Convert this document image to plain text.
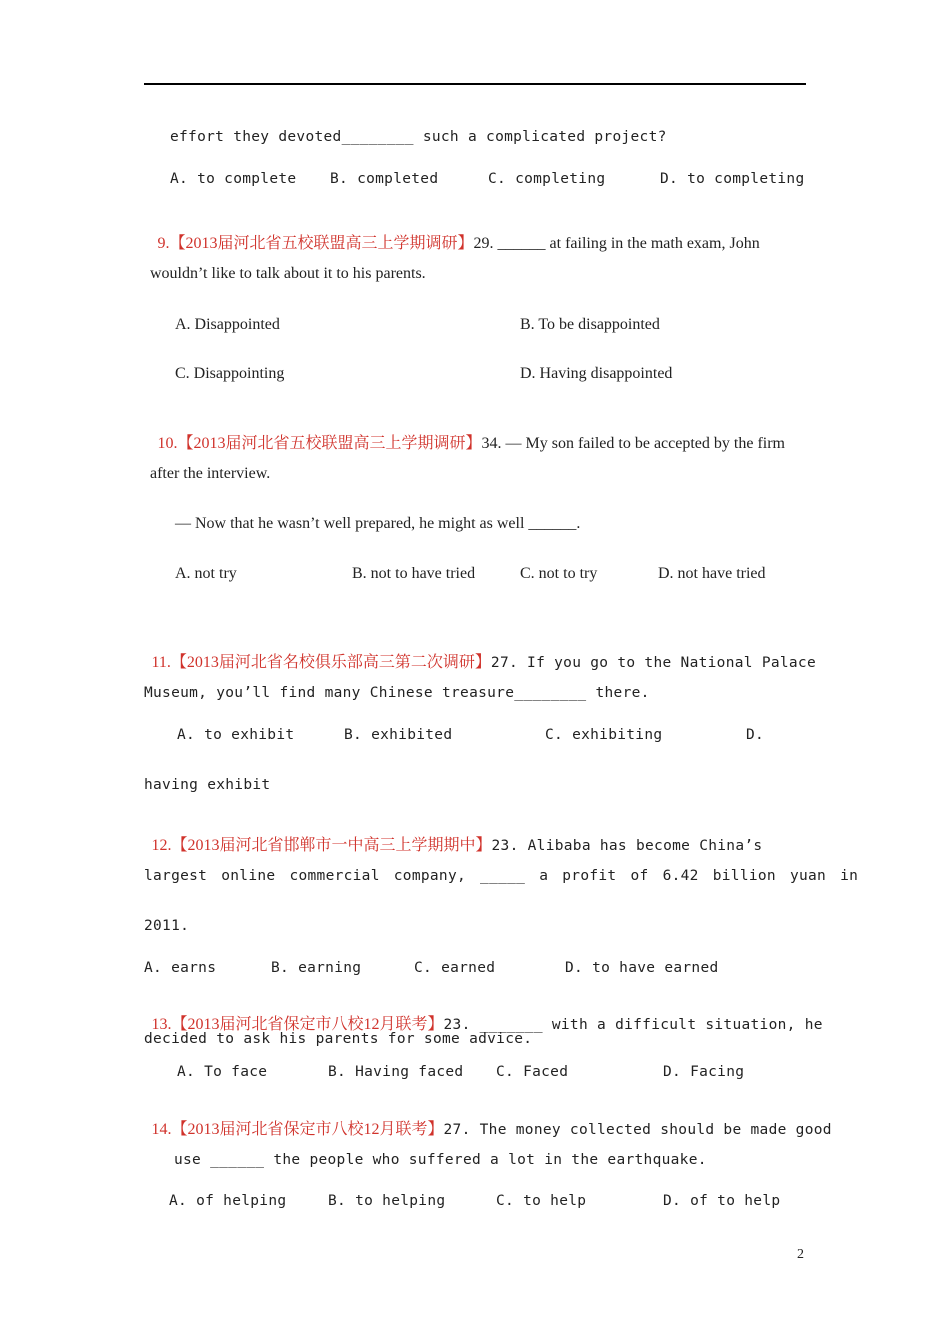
effort they devoted________ such a complicated project?
A. to complete B. completed	C. completing	D. to completing

9.【2013届河北省五校联盟高三上学期调研】29. ______ at failing in the math exam, John

wouldn’t like to talk about it to his parents.
A. Disappointed	B. To be disappointed
C. Disappointing	D. Having disappointed

10.【2013届河北省五校联盟高三上学期调研】34. — My son failed to be accepted by the firm

after the interview.
— Now that he wasn’t well prepared, he might as well ______.
A. not try	B. not to have tried	C. not to try	D. not have tried

11.【2013届河北省名校俱乐部高三第二次调研】27. If you go to the National Palace

Museum, you’ll find many Chinese treasure________ there.
A. to exhibit	B. exhibited	C. exhibiting	D.
having exhibit

12.【2013届河北省邯郸市一中高三上学期期中】23. Alibaba has become China’s

largest online commercial company, _____ a profit of 6.42 billion yuan in
2011.
A. earns	B. earning	C. earned	D. to have earned

13.【2013届河北省保定市八校12月联考】23. _______ with a difficult situation, he

decided to ask his parents for some advice.
A. To face	B. Having faced C. Faced	D. Facing

14.【2013届河北省保定市八校12月联考】27. The money collected should be made good

use ______ the people who suffered a lot in the earthquake.
A. of helping	B. to helping	C. to help	D. of to help
2
